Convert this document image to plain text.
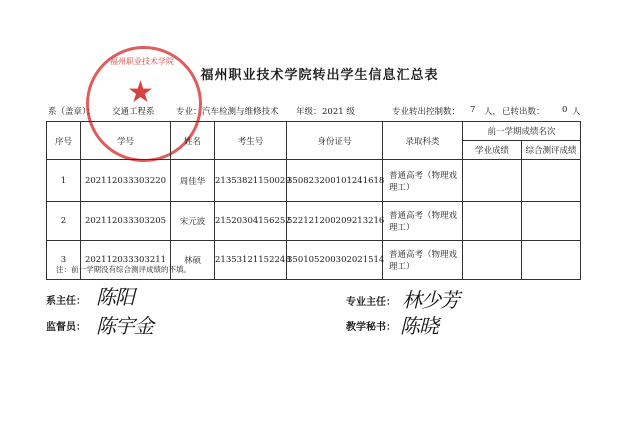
福州职业技术学院
★	福州职业技术学院转出学生信息汇总表
系（盖章）： 交通工程系	专业： 汽车检测与维修技术 年级： 2021 级	专业转出控制数： 7 人， 已转出数： 0 人
序号	学号	姓名	考生号	身份证号	录取科类	前一学期成绩名次	
						学业成绩	综合测评成绩
1	202112033303220	周佳华	21353821150029	350823200101241618	普通高考（物理戏理工）		
2	202112033303205	宋元波	21520304156252	522121200209213216	普通高考（物理戏理工）		
3	202112033303211	林硕	21353121152248	350105200302021514	普通高考（物理戏理工）		
注：前一学期没有综合测评成绩的不填。
系主任： 陈阳
监督员： 陈宇金
专业主任： 林少芳
教学秘书： 陈晓
